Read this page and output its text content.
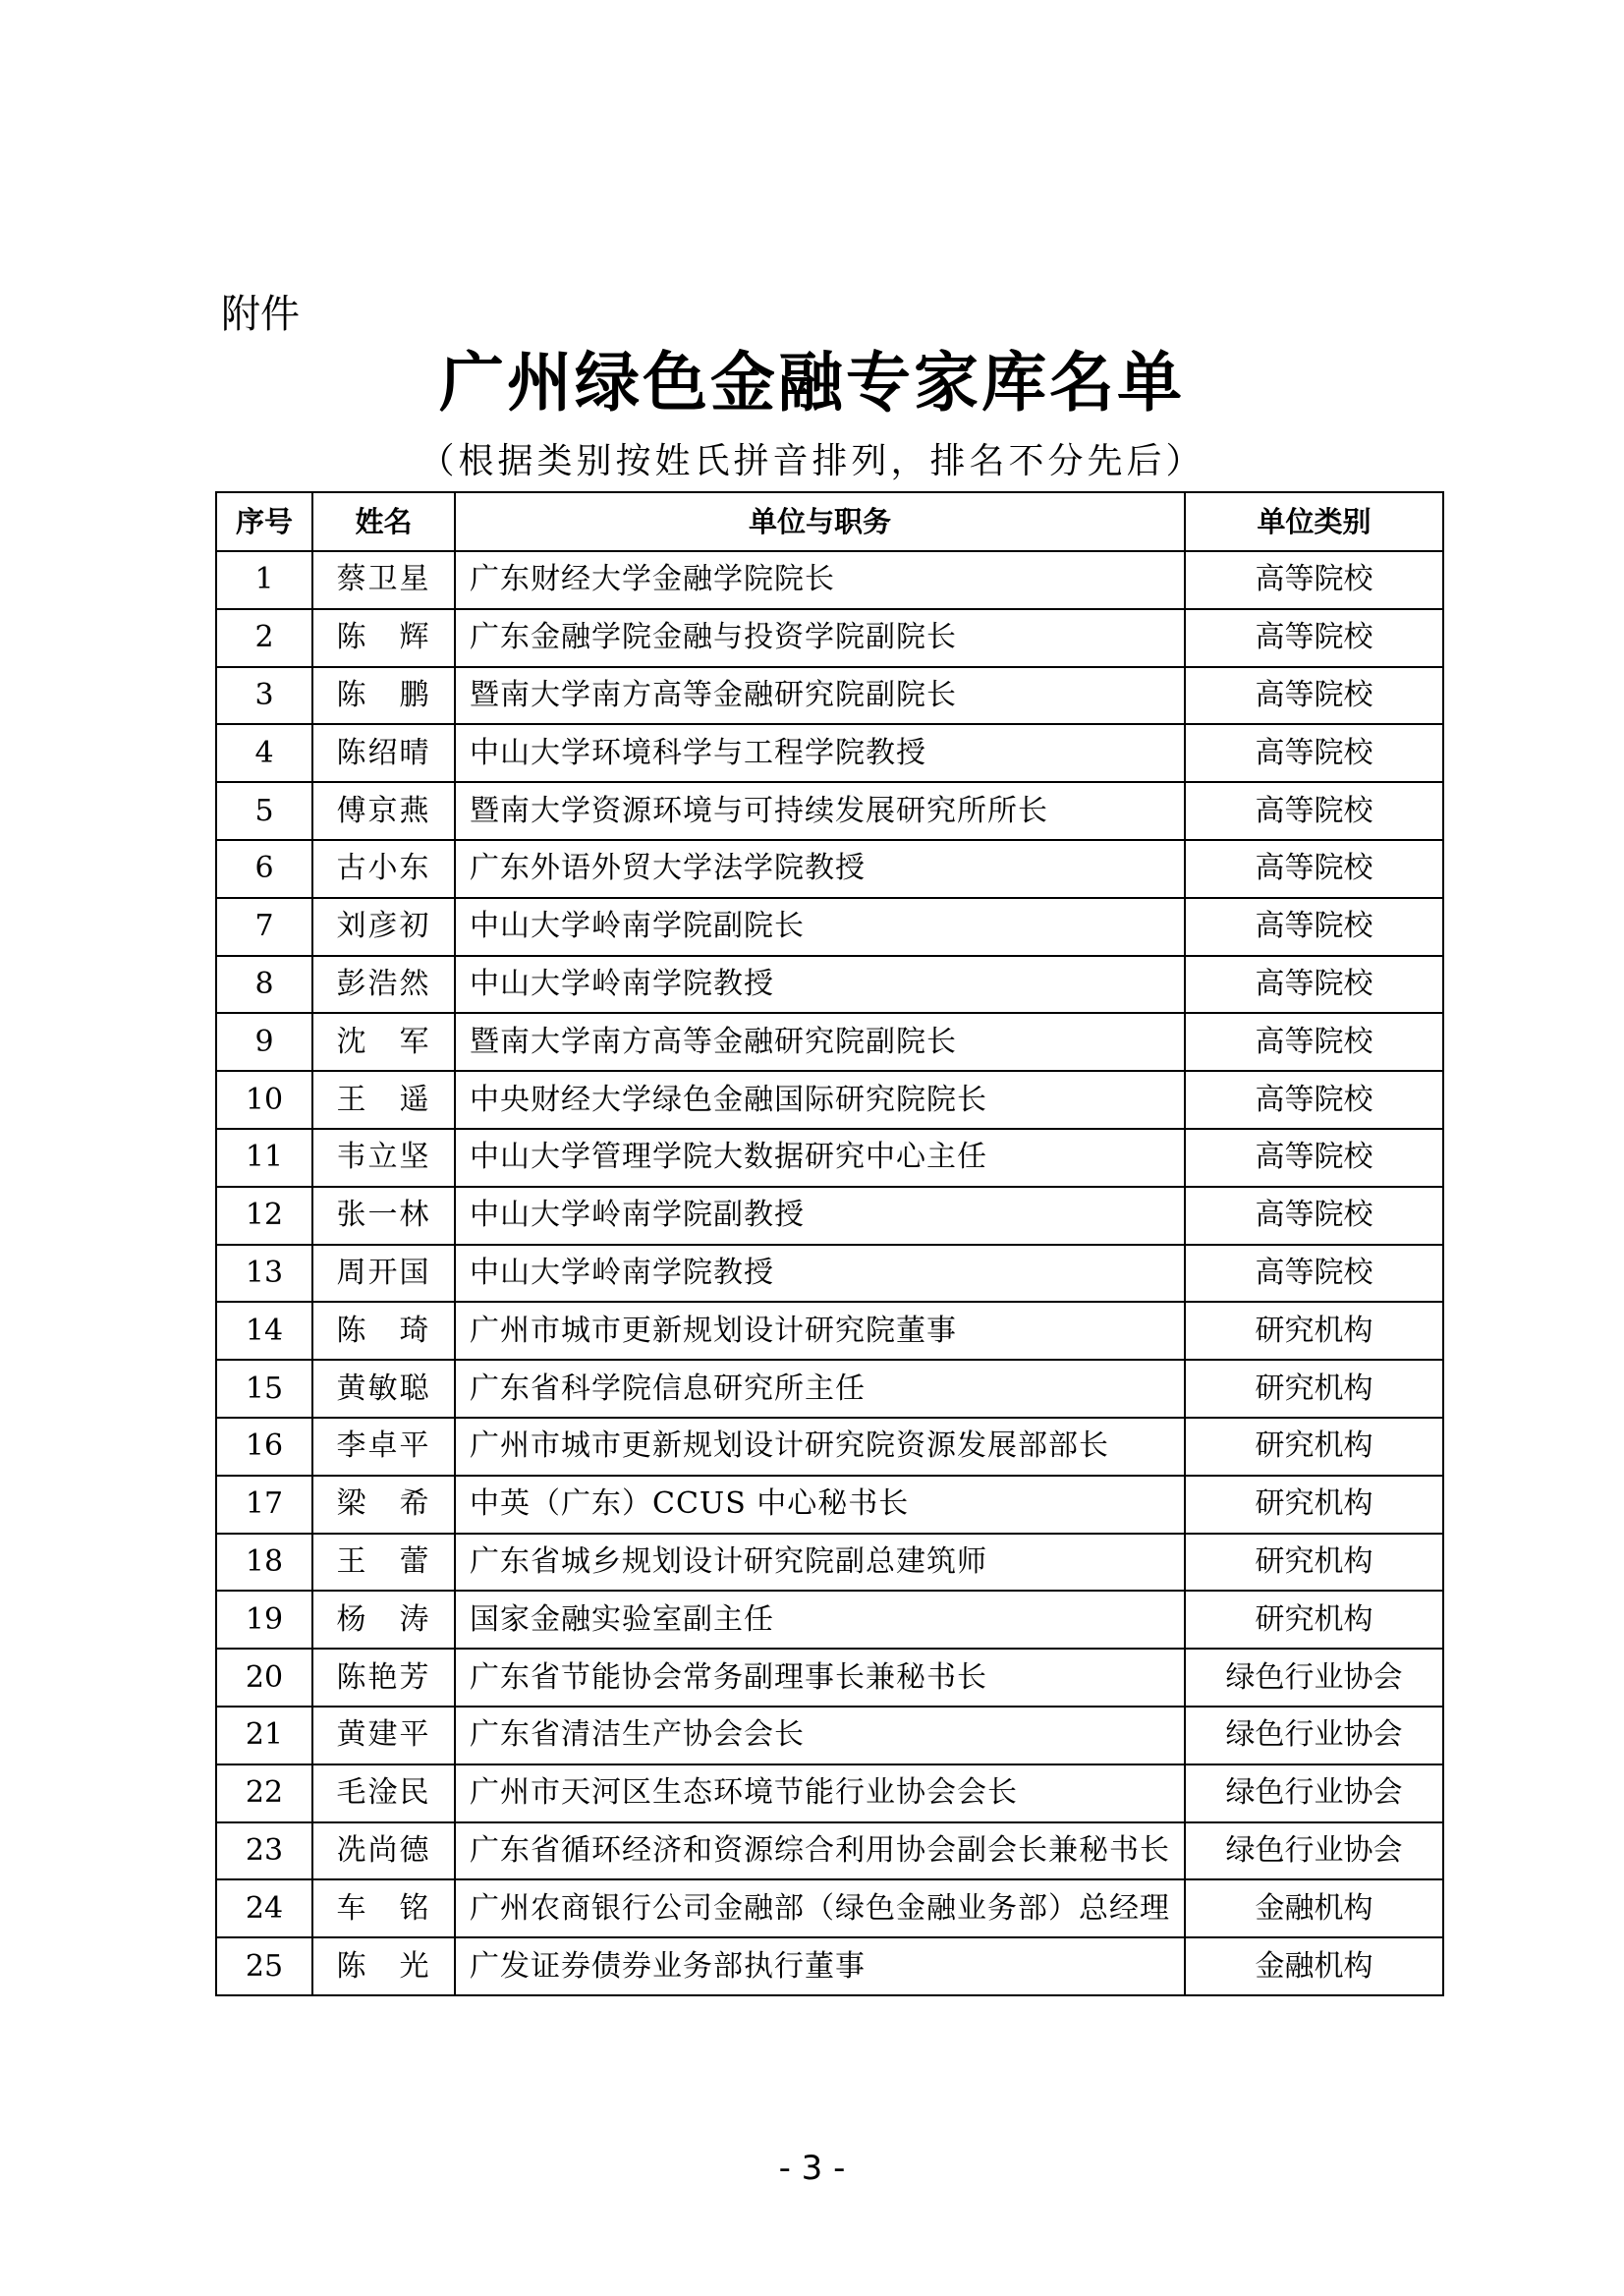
附件
广州绿色金融专家库名单
（根据类别按姓氏拼音排列，排名不分先后）
序号	姓名	单位与职务	单位类别
1	蔡卫星	广东财经大学金融学院院长	高等院校
2	陈　辉	广东金融学院金融与投资学院副院长	高等院校
3	陈　鹏	暨南大学南方高等金融研究院副院长	高等院校
4	陈绍晴	中山大学环境科学与工程学院教授	高等院校
5	傅京燕	暨南大学资源环境与可持续发展研究所所长	高等院校
6	古小东	广东外语外贸大学法学院教授	高等院校
7	刘彦初	中山大学岭南学院副院长	高等院校
8	彭浩然	中山大学岭南学院教授	高等院校
9	沈　军	暨南大学南方高等金融研究院副院长	高等院校
10	王　遥	中央财经大学绿色金融国际研究院院长	高等院校
11	韦立坚	中山大学管理学院大数据研究中心主任	高等院校
12	张一林	中山大学岭南学院副教授	高等院校
13	周开国	中山大学岭南学院教授	高等院校
14	陈　琦	广州市城市更新规划设计研究院董事	研究机构
15	黄敏聪	广东省科学院信息研究所主任	研究机构
16	李卓平	广州市城市更新规划设计研究院资源发展部部长	研究机构
17	梁　希	中英（广东）CCUS 中心秘书长	研究机构
18	王　蕾	广东省城乡规划设计研究院副总建筑师	研究机构
19	杨　涛	国家金融实验室副主任	研究机构
20	陈艳芳	广东省节能协会常务副理事长兼秘书长	绿色行业协会
21	黄建平	广东省清洁生产协会会长	绿色行业协会
22	毛淦民	广州市天河区生态环境节能行业协会会长	绿色行业协会
23	冼尚德	广东省循环经济和资源综合利用协会副会长兼秘书长	绿色行业协会
24	车　铭	广州农商银行公司金融部（绿色金融业务部）总经理	金融机构
25	陈　光	广发证券债券业务部执行董事	金融机构
- 3 -
